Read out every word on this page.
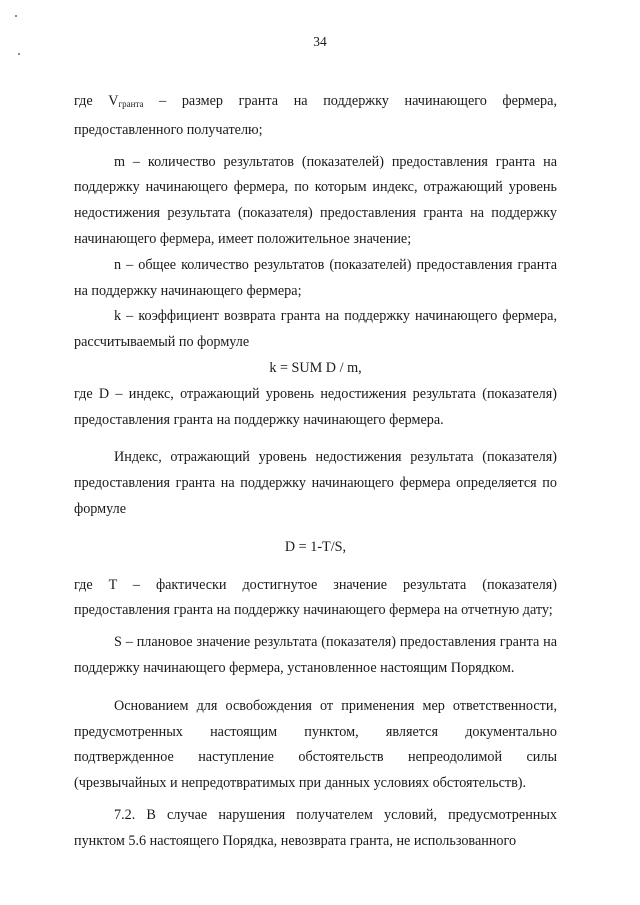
34

где $V_{гранта}$ – размер гранта на поддержку начинающего фермера, предоставленного получателю;

m – количество результатов (показателей) предоставления гранта на поддержку начинающего фермера, по которым индекс, отражающий уровень недостижения результата (показателя) предоставления гранта на поддержку начинающего фермера, имеет положительное значение;

n – общее количество результатов (показателей) предоставления гранта на поддержку начинающего фермера;

k – коэффициент возврата гранта на поддержку начинающего фермера, рассчитываемый по формуле

k = SUM D / m,

где D – индекс, отражающий уровень недостижения результата (показателя) предоставления гранта на поддержку начинающего фермера.

Индекс, отражающий уровень недостижения результата (показателя) предоставления гранта на поддержку начинающего фермера определяется по формуле

D = 1-T/S,

где T – фактически достигнутое значение результата (показателя) предоставления гранта на поддержку начинающего фермера на отчетную дату;

S – плановое значение результата (показателя) предоставления гранта на поддержку начинающего фермера, установленное настоящим Порядком.

Основанием для освобождения от применения мер ответственности, предусмотренных настоящим пунктом, является документально подтвержденное наступление обстоятельств непреодолимой силы (чрезвычайных и непредотвратимых при данных условиях обстоятельств).

7.2. В случае нарушения получателем условий, предусмотренных пунктом 5.6 настоящего Порядка, невозврата гранта, не использованного
